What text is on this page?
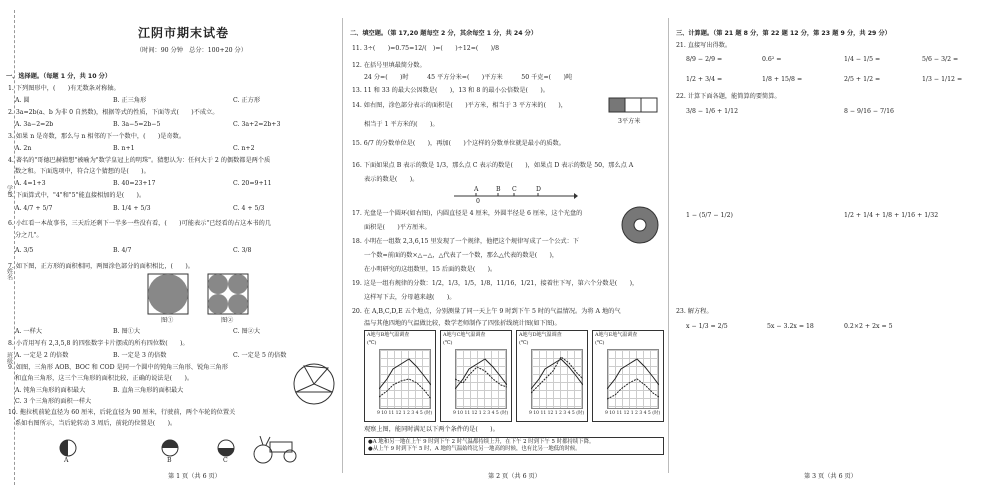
学号
姓名
班级
江阴市期末试卷
（时间：90 分钟　总分：100+20 分）
一、选择题。（每题 1 分，共 10 分）
1. 下列图形中，(　　)有无数条对称轴。
A. 圆	B. 正三角形	C. 正方形
2. 3a=2b(a、b 为非 0 自然数)，根据等式的性质，下面等式(　　)不成立。
A. 3a−2=2b	B. 3a−5=2b−5	C. 3a+2=2b+3
3. 如果 n 是奇数，那么与 n 相邻的下一个数中，(　　)是奇数。
A. 2n	B. n+1	C. n+2
4. 著名的"哥德巴赫猜想"被喻为"数学皇冠上的明珠"。猜想认为：任何大于 2 的偶数都是两个质
数之和。下面选项中，符合这个猜想的是(　　)。
A. 4=1+3	B. 40=23+17	C. 20=9+11
5. 下面算式中，"4"和"5"能直接相加的是(　　)。
A. 4/7 + 5/7	B. 1/4 + 5/3	C. 4 + 5/3
6. 小红看一本故事书，三天后还剩下一半多一些没有看，(　　)可能表示"已经看的占这本书的几
分之几"。
A. 3/5	B. 4/7	C. 3/8
7. 如下图，正方形的面积相同，两图涂色部分的面积相比，(　　)。
图①	图②
A. 一样大	B. 图①大	C. 图②大
8. 小青用写有 2,3,5,8 的四张数字卡片摆成的所有四位数(　　)。
A. 一定是 2 的倍数	B. 一定是 3 的倍数	C. 一定是 5 的倍数
9. 如图，三角形 AOB、BOC 和 COD 是同一个圆中的钝角三角形、锐角三角形
和直角三角形，这三个三角形的面积比较，正确的说法是(　　)。
A. 钝角三角形的面积最大	B. 直角三角形的面积最大
C. 3 个三角形的面积一样大
10. 拖拉机前轮直径为 60 厘米，后轮直径为 90 厘米，行驶前，两个车轮的位置关
系如右图所示，当后轮转动 3 周后，前轮的位置是(　　)。
A	B	C
第 1 页（共 6 页）
二、填空题。（第 17,20 题每空 2 分，其余每空 1 分，共 24 分）
11. 3÷(　　)=0.75=12/(　)=(　　)÷12=(　　)/8
12. 在括号里填最简分数。
24 分=(　　)时　　　45 平方分米=(　　)平方米　　　50 千克=(　　)吨
13. 11 和 33 的最大公因数是(　　)，13 和 8 的最小公倍数是(　　)。
14. 如右图，涂色部分表示的面积是(　　)平方米，相当于 3 平方米的(　　)，
相当于 1 平方米的(　　)。	3平方米
15. 6/7 的分数单位是(　　)，再加(　　)个这样的分数单位就是最小的质数。
16. 下面如果点 B 表示的数是 1/3，那么点 C 表示的数是(　　)，如果点 D 表示的数是 50，那么点 A
表示的数是(　　)。
A	B C	D
0
17. 光盘是一个圆环(如右图)，内圆直径是 4 厘米，外圆半径是 6 厘米，这个光盘的
面积是(　　)平方厘米。
18. 小明在一组数 2,3,6,15 里发现了一个规律，他把这个规律写成了一个公式：下
一个数=前面的数×△−△，△代表了一个数，那么△代表的数是(　　)，
在小明研究的这组数里，15 后面的数是(　　)。
19. 这是一组有规律的分数：1/2，1/3，1/5，1/8，11/16，1/21，接着往下写，第六个分数是(　　)，
这样写下去，分母越来越(　　)。
20. 在 A,B,C,D,E 五个地点，分别测量了同一天上午 9 时到下午 5 时的气温情况。为将 A 地的气
温与其他四地的气温做比较，数学老师制作了四张折线统计图(如下图)。
A地与B地气温调查
(℃)
9 10 11 12 1 2 3 4 5 (时)
A地与C地气温调查
(℃)
9 10 11 12 1 2 3 4 5 (时)
A地与D地气温调查
(℃)
9 10 11 12 1 2 3 4 5 (时)
A地与E地气温调查
(℃)
9 10 11 12 1 2 3 4 5 (时)
观察上图，能同时满足以下两个条件的是(　　)。
●A 地和另一地在上午 9 时到下午 2 时气温都持续上升，在下午 2 时到下午 5 时都持续下降。
●从上午 9 时到下午 5 时，A 地的气温始终比另一地高的时候，也有比另一地低的时候。
第 2 页（共 6 页）
三、计算题。（第 21 题 8 分，第 22 题 12 分，第 23 题 9 分，共 29 分）
21. 直接写出得数。
8/9 − 2/9 =	0.6² =	1/4 − 1/5 =	5/6 − 3/2 =
1/2 + 3/4 =	1/8 + 15/8 =	2/5 + 1/2 =	1/3 − 1/12 =
22. 计算下面各题，能简算的要简算。
3/8 − 1/6 + 1/12	8 − 9/16 − 7/16
1 − (5/7 − 1/2)	1/2 + 1/4 + 1/8 + 1/16 + 1/32
23. 解方程。
x − 1/3 = 2/5	5x − 3.2x = 18	0.2×2 + 2x = 5
第 3 页（共 6 页）
